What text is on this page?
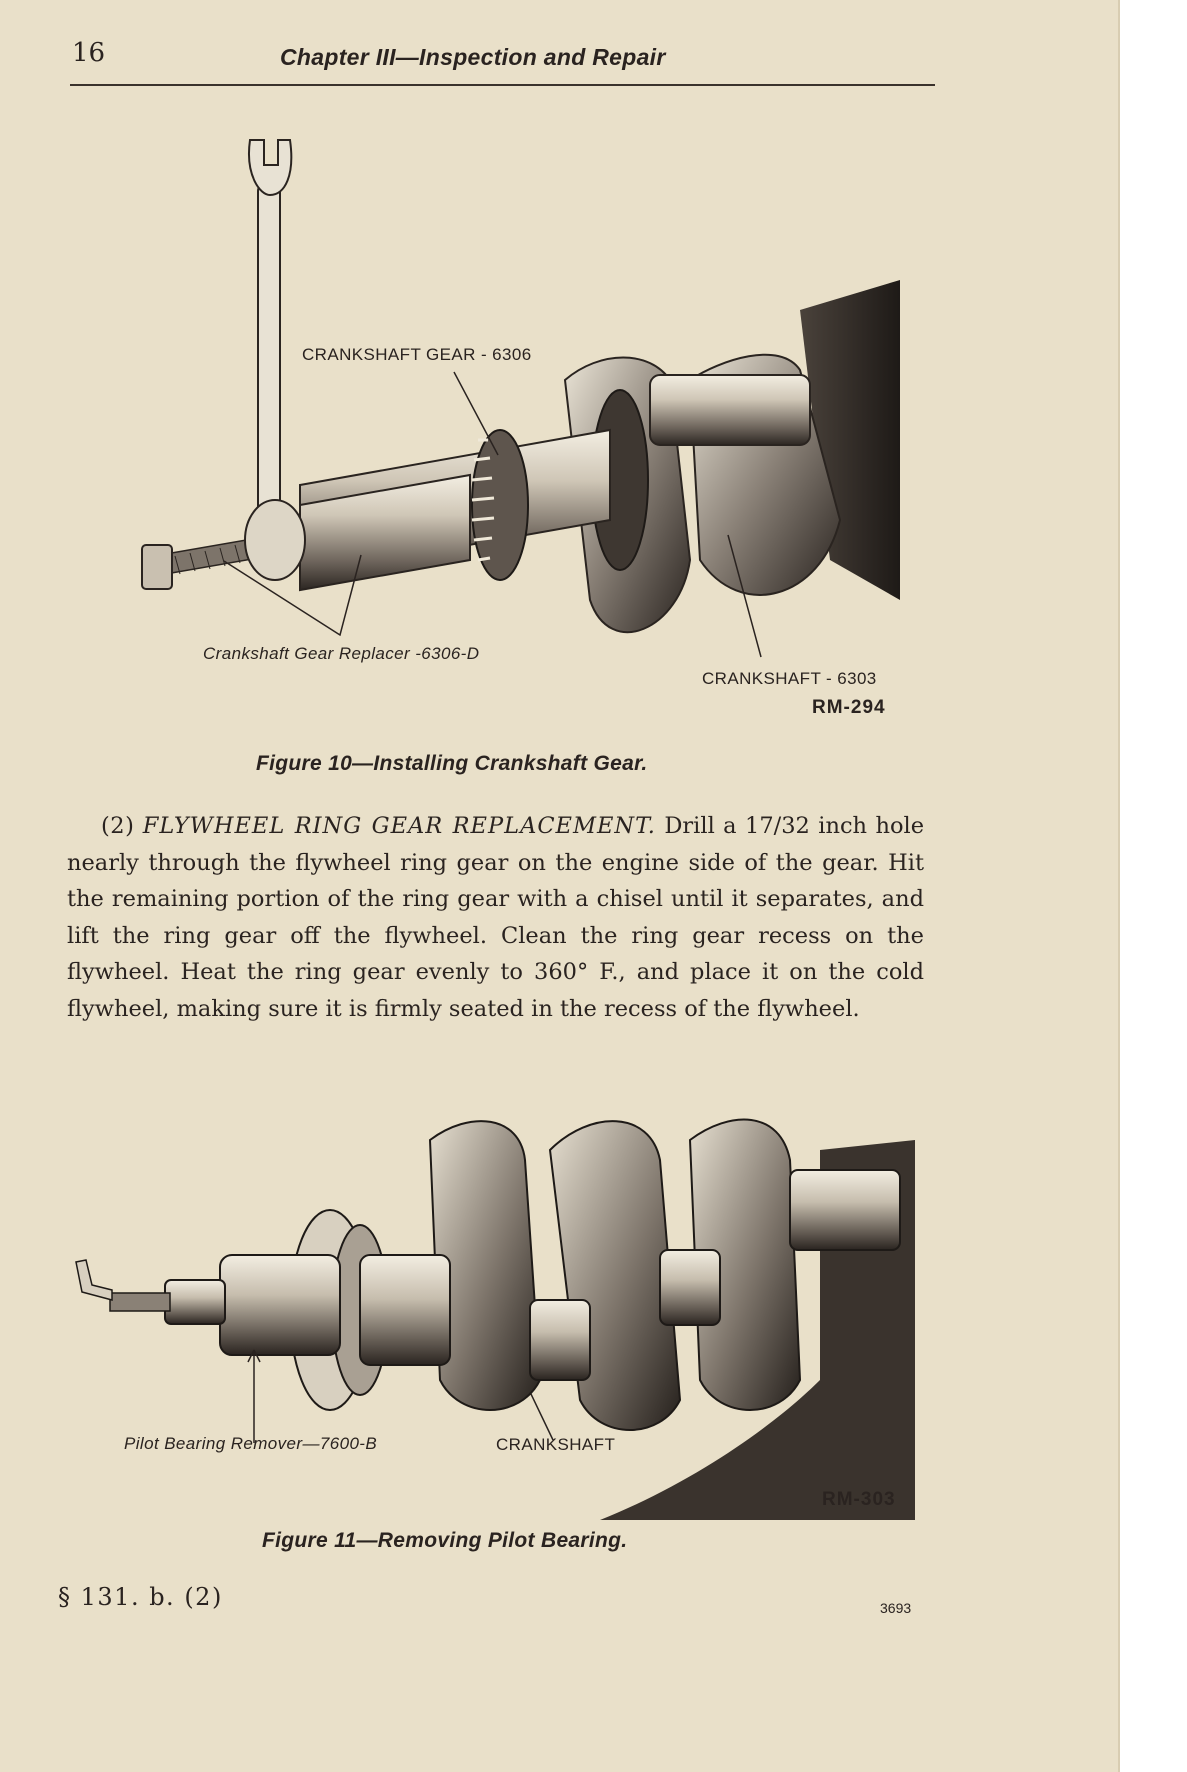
16	Chapter III—Inspection and Repair
CRANKSHAFT GEAR - 6306
Crankshaft Gear Replacer -6306-D
CRANKSHAFT - 6303
RM-294
Figure 10—Installing Crankshaft Gear.
(2) FLYWHEEL RING GEAR REPLACEMENT. Drill a 17/32 inch hole nearly through the flywheel ring gear on the engine side of the gear. Hit the remaining portion of the ring gear with a chisel until it separates, and lift the ring gear off the flywheel. Clean the ring gear recess on the flywheel. Heat the ring gear evenly to 360° F., and place it on the cold flywheel, making sure it is firmly seated in the recess of the flywheel.
Pilot Bearing Remover—7600-B	CRANKSHAFT
RM-303
Figure 11—Removing Pilot Bearing.
§ 131. b. (2)	3693
